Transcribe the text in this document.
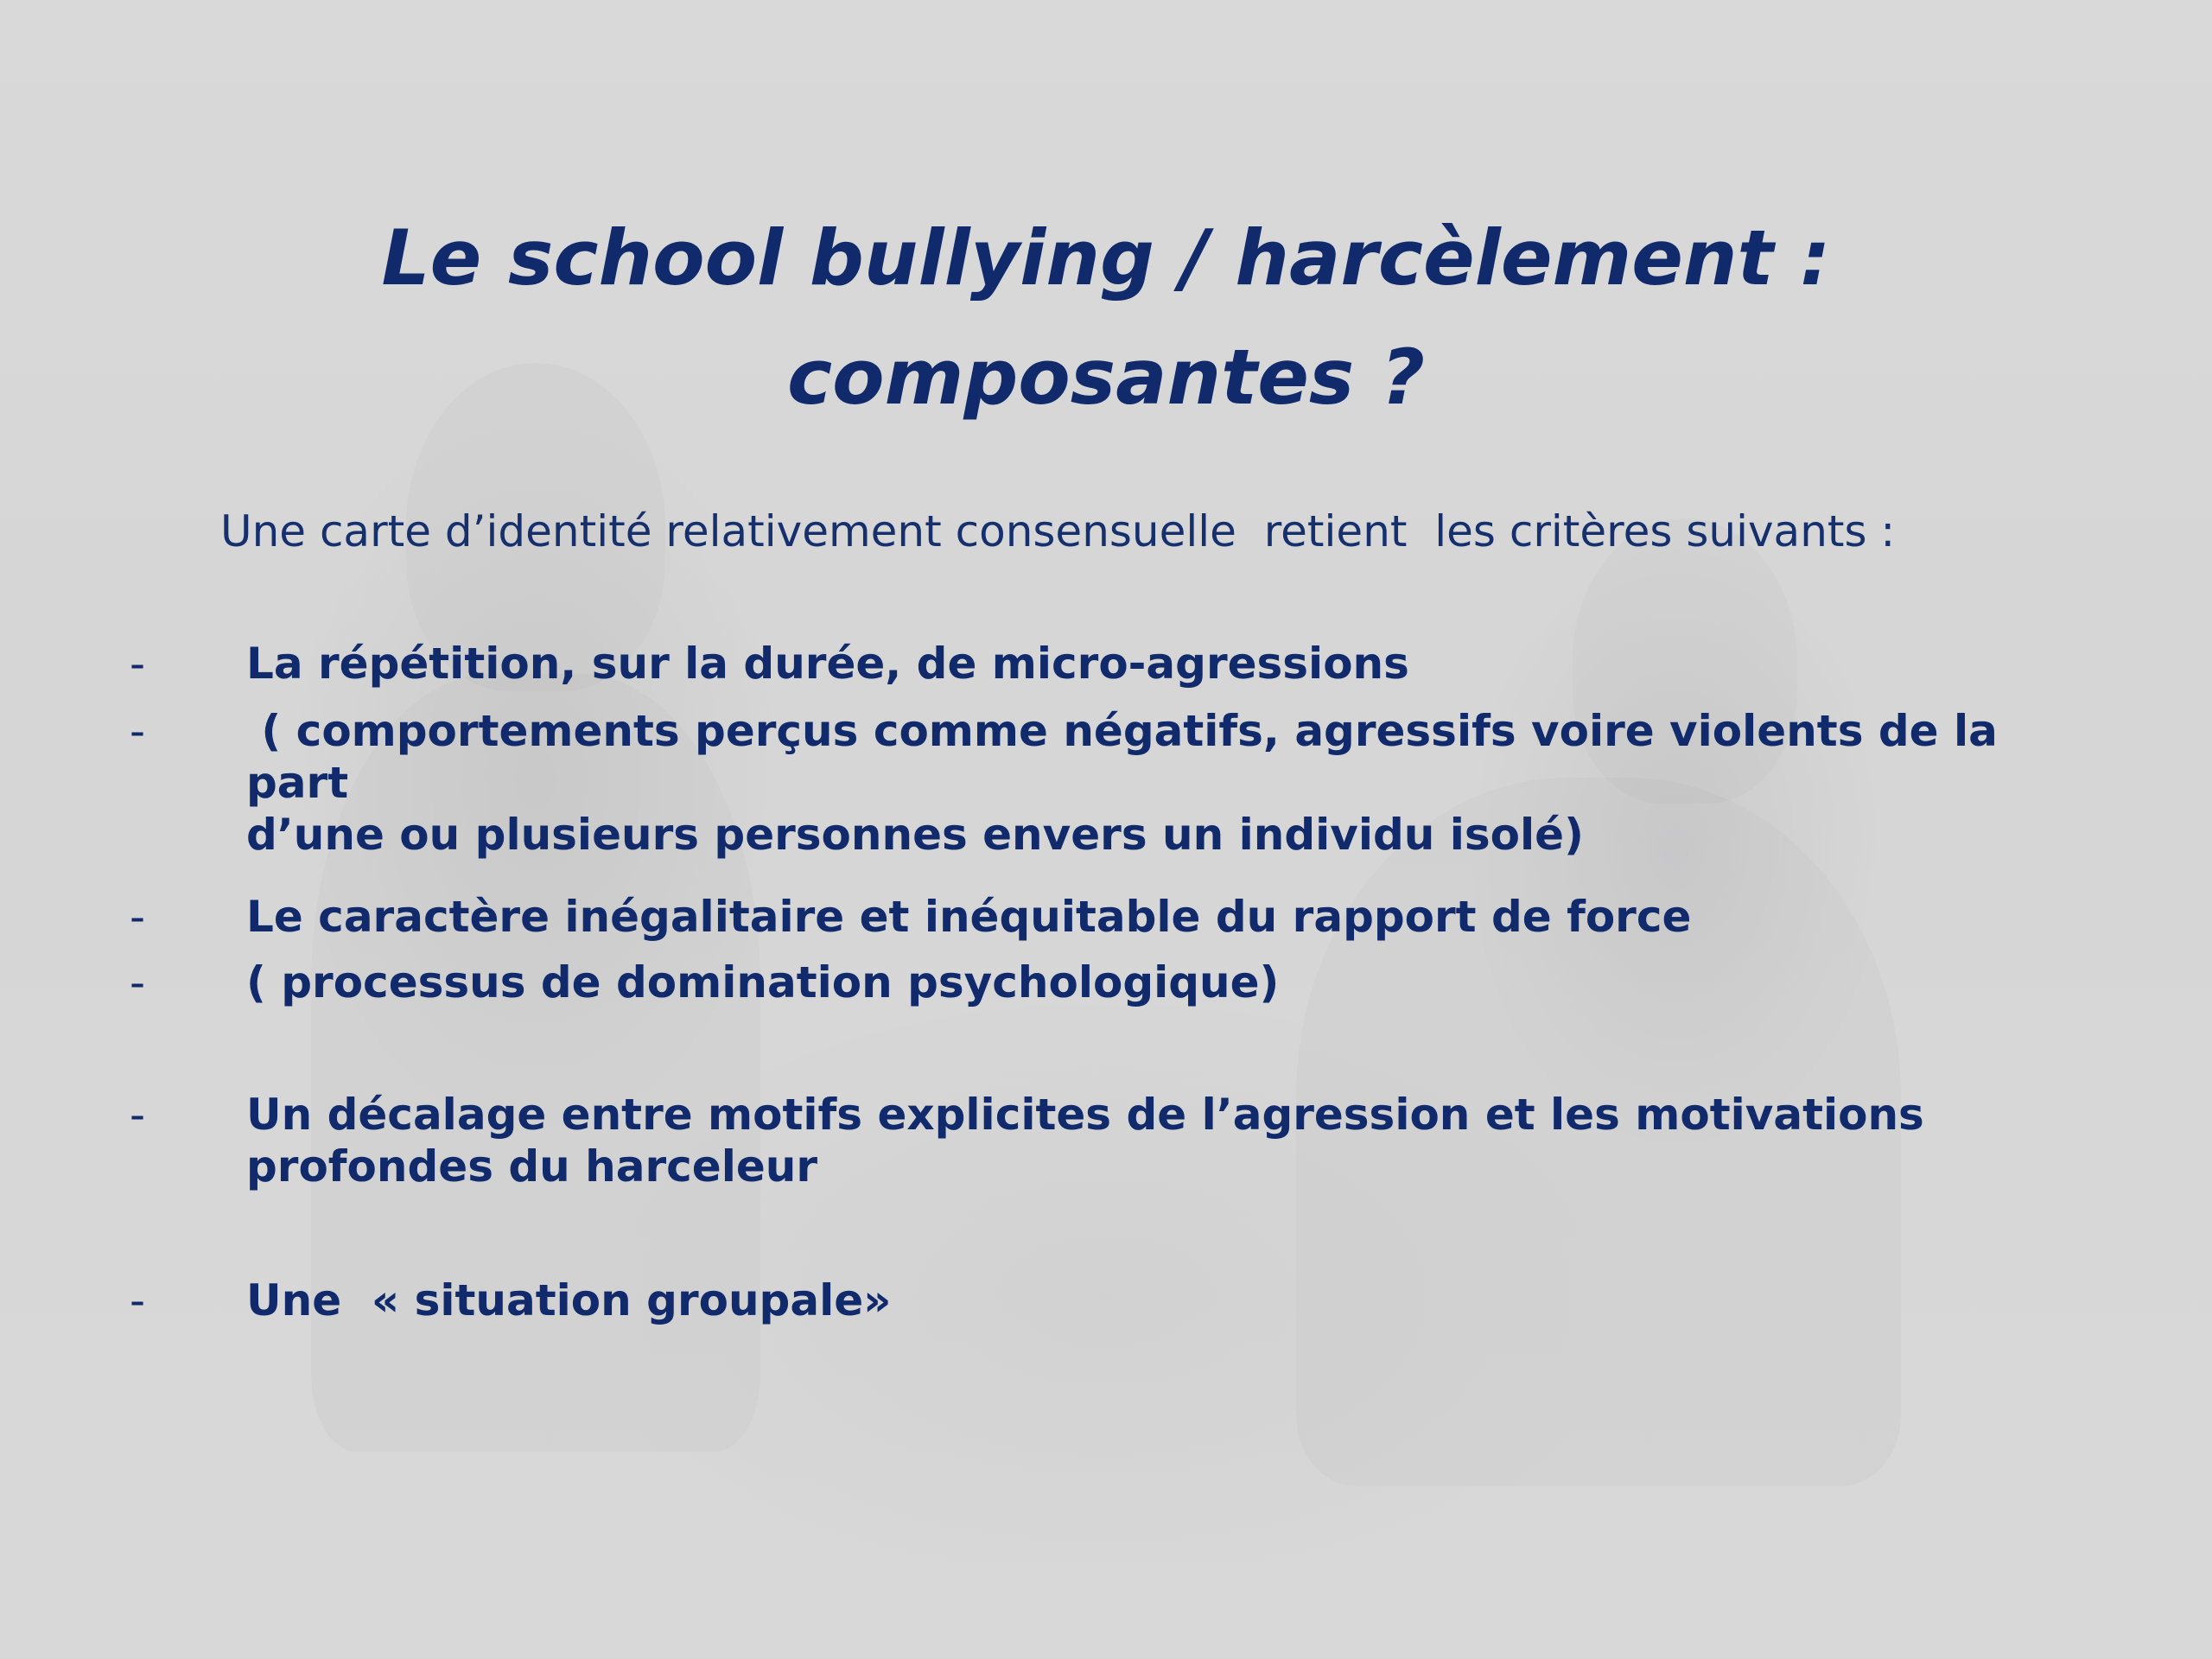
Le school bullying / harcèlement :
composantes ?

Une carte d’identité relativement consensuelle  retient  les critères suivants :

-	La répétition, sur la durée, de micro-agressions
-	( comportements perçus comme négatifs, agressifs voire violents de la part
d’une ou plusieurs personnes envers un individu isolé)
-	Le caractère inégalitaire et inéquitable du rapport de force
-	( processus de domination psychologique)
-	Un décalage entre motifs explicites de l’agression et les motivations
profondes du harceleur
-	Une  « situation groupale»
